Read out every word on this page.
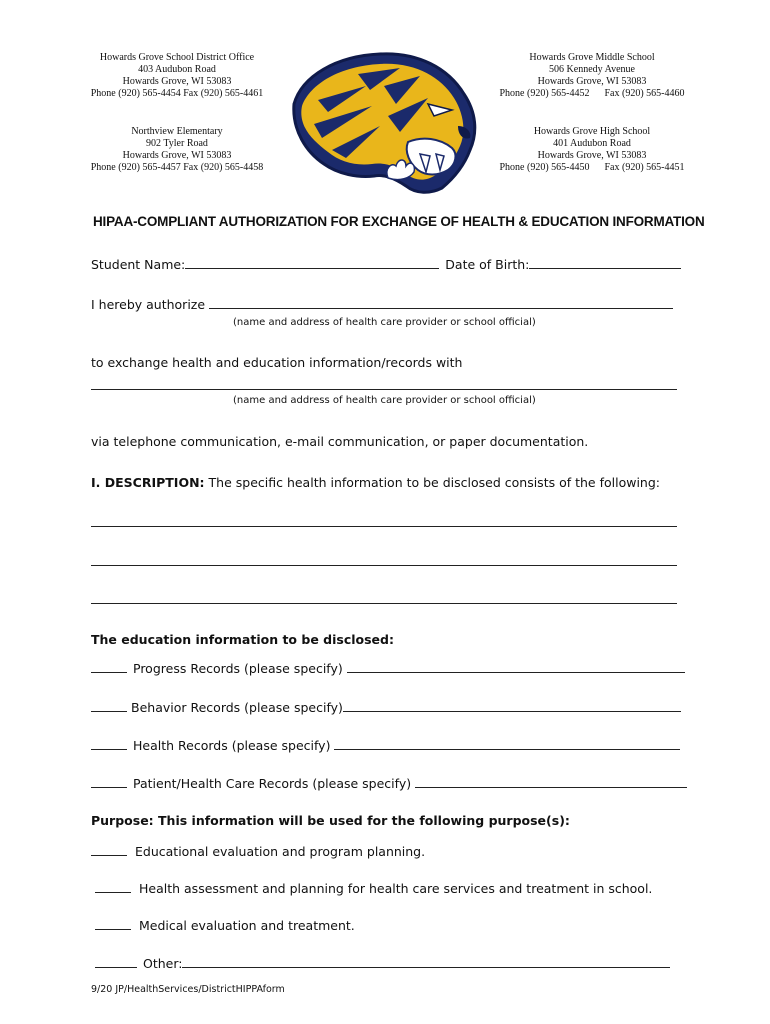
Howards Grove School District Office
403 Audubon Road
Howards Grove, WI 53083
Phone (920) 565-4454 Fax (920) 565-4461
Northview Elementary
902 Tyler Road
Howards Grove, WI 53083
Phone (920) 565-4457 Fax (920) 565-4458
Howards Grove Middle School
506 Kennedy Avenue
Howards Grove, WI 53083
Phone (920) 565-4452      Fax (920) 565-4460
Howards Grove High School
401 Audubon Road
Howards Grove, WI 53083
Phone (920) 565-4450      Fax (920) 565-4451
HIPAA-COMPLIANT AUTHORIZATION FOR EXCHANGE OF HEALTH & EDUCATION INFORMATION
Student Name:	Date of Birth:
I hereby authorize
(name and address of health care provider or school official)
to exchange health and education information/records with
(name and address of health care provider or school official)
via telephone communication, e-mail communication, or paper documentation.
I. DESCRIPTION: The specific health information to be disclosed consists of the following:
The education information to be disclosed:
Progress Records (please specify)
Behavior Records (please specify)
Health Records (please specify)
Patient/Health Care Records (please specify)
Purpose: This information will be used for the following purpose(s):
Educational evaluation and program planning.
Health assessment and planning for health care services and treatment in school.
Medical evaluation and treatment.
Other:
9/20 JP/HealthServices/DistrictHIPPAform
